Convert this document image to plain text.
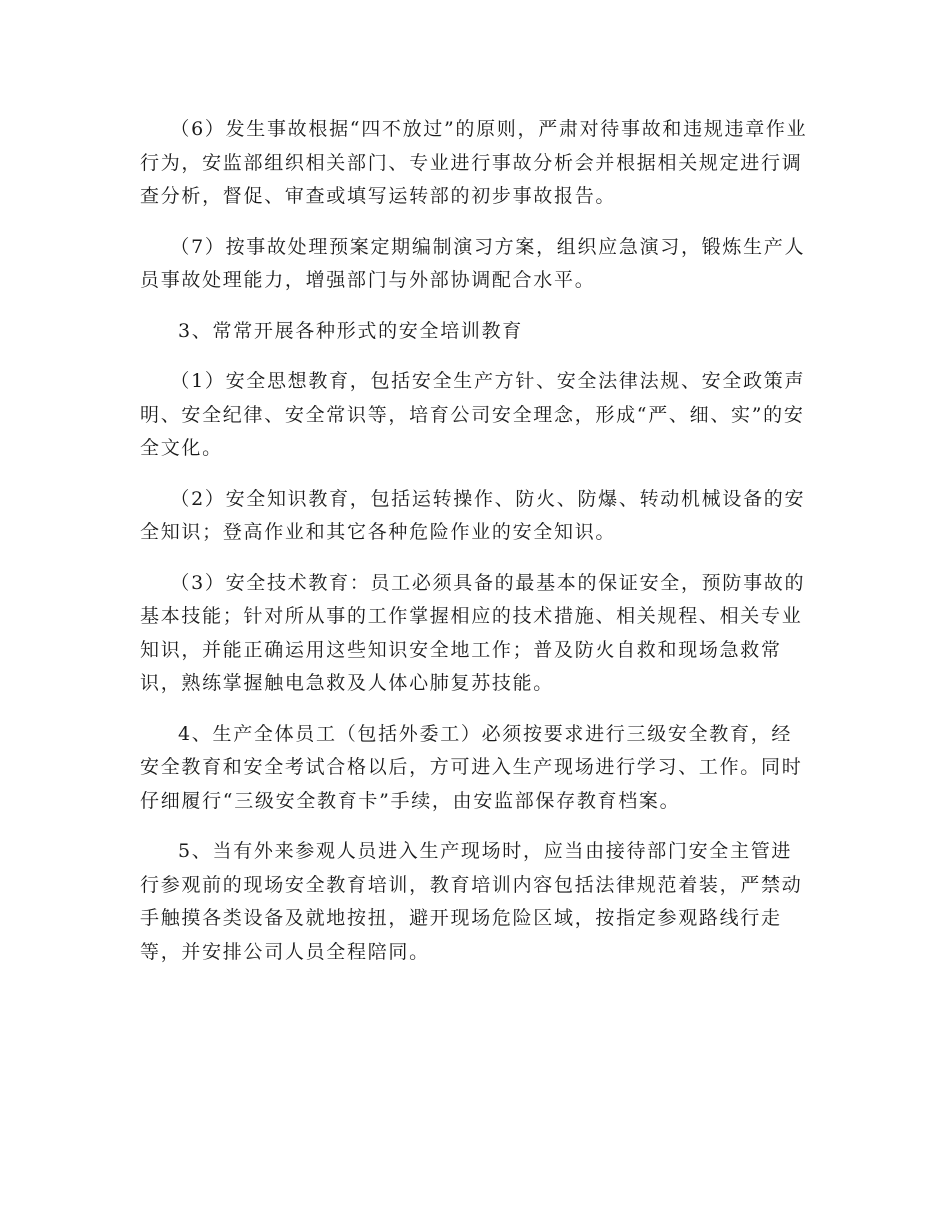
（6）发生事故根据“四不放过”的原则，严肃对待事故和违规违章作业行为，安监部组织相关部门、专业进行事故分析会并根据相关规定进行调查分析，督促、审查或填写运转部的初步事故报告。

（7）按事故处理预案定期编制演习方案，组织应急演习，锻炼生产人员事故处理能力，增强部门与外部协调配合水平。

3、常常开展各种形式的安全培训教育

（1）安全思想教育，包括安全生产方针、安全法律法规、安全政策声明、安全纪律、安全常识等，培育公司安全理念，形成“严、细、实”的安全文化。

（2）安全知识教育，包括运转操作、防火、防爆、转动机械设备的安全知识；登高作业和其它各种危险作业的安全知识。

（3）安全技术教育：员工必须具备的最基本的保证安全，预防事故的基本技能；针对所从事的工作掌握相应的技术措施、相关规程、相关专业知识，并能正确运用这些知识安全地工作；普及防火自救和现场急救常识，熟练掌握触电急救及人体心肺复苏技能。

4、生产全体员工（包括外委工）必须按要求进行三级安全教育，经安全教育和安全考试合格以后，方可进入生产现场进行学习、工作。同时仔细履行“三级安全教育卡”手续，由安监部保存教育档案。

5、当有外来参观人员进入生产现场时，应当由接待部门安全主管进行参观前的现场安全教育培训，教育培训内容包括法律规范着装，严禁动手触摸各类设备及就地按扭，避开现场危险区域，按指定参观路线行走等，并安排公司人员全程陪同。
